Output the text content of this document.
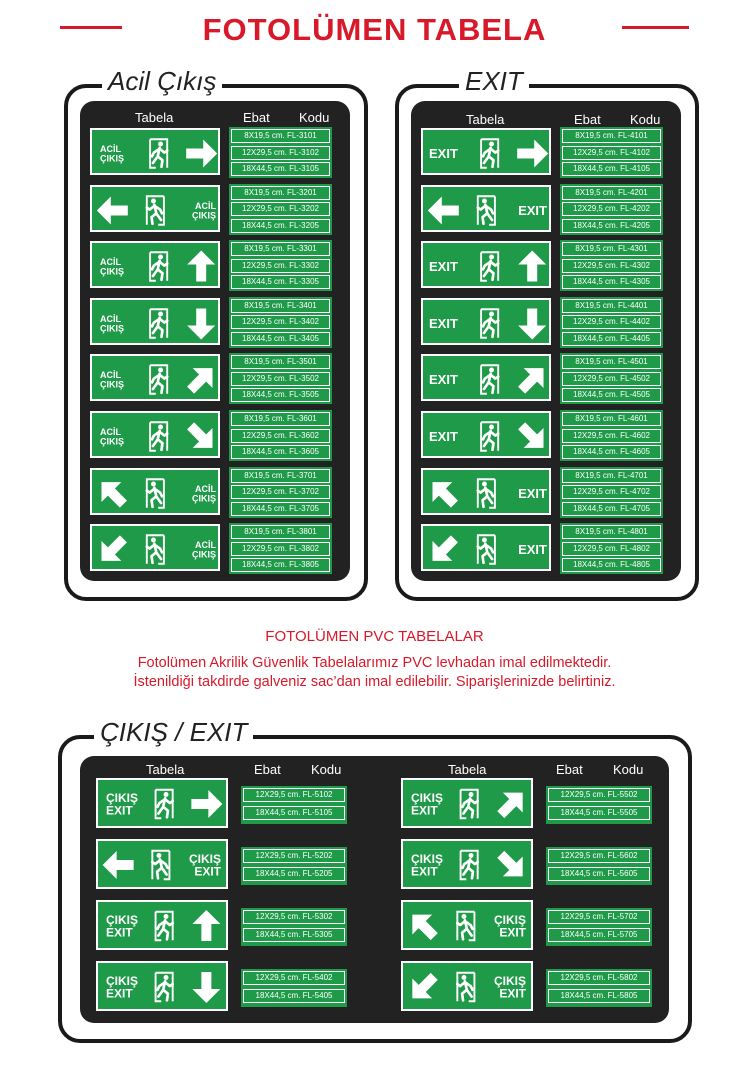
FOTOLÜMEN TABELA
Acil Çıkış
Tabela	Ebat Kodu
ACİL
ÇIKIŞ
8X19,5 cm. FL-3101
12X29,5 cm. FL-3102
18X44,5 cm. FL-3105
ACİL
ÇIKIŞ
8X19,5 cm. FL-3201
12X29,5 cm. FL-3202
18X44,5 cm. FL-3205
ACİL
ÇIKIŞ
8X19,5 cm. FL-3301
12X29,5 cm. FL-3302
18X44,5 cm. FL-3305
ACİL
ÇIKIŞ
8X19,5 cm. FL-3401
12X29,5 cm. FL-3402
18X44,5 cm. FL-3405
ACİL
ÇIKIŞ
8X19,5 cm. FL-3501
12X29,5 cm. FL-3502
18X44,5 cm. FL-3505
ACİL
ÇIKIŞ
8X19,5 cm. FL-3601
12X29,5 cm. FL-3602
18X44,5 cm. FL-3605
ACİL
ÇIKIŞ
8X19,5 cm. FL-3701
12X29,5 cm. FL-3702
18X44,5 cm. FL-3705
ACİL
ÇIKIŞ
8X19,5 cm. FL-3801
12X29,5 cm. FL-3802
18X44,5 cm. FL-3805
EXIT
Tabela	Ebat Kodu
EXIT
8X19,5 cm. FL-4101
12X29,5 cm. FL-4102
18X44,5 cm. FL-4105
EXIT
8X19,5 cm. FL-4201
12X29,5 cm. FL-4202
18X44,5 cm. FL-4205
EXIT
8X19,5 cm. FL-4301
12X29,5 cm. FL-4302
18X44,5 cm. FL-4305
EXIT
8X19,5 cm. FL-4401
12X29,5 cm. FL-4402
18X44,5 cm. FL-4405
EXIT
8X19,5 cm. FL-4501
12X29,5 cm. FL-4502
18X44,5 cm. FL-4505
EXIT
8X19,5 cm. FL-4601
12X29,5 cm. FL-4602
18X44,5 cm. FL-4605
EXIT
8X19,5 cm. FL-4701
12X29,5 cm. FL-4702
18X44,5 cm. FL-4705
EXIT
8X19,5 cm. FL-4801
12X29,5 cm. FL-4802
18X44,5 cm. FL-4805
FOTOLÜMEN PVC TABELALAR
Fotolümen Akrilik Güvenlik Tabelalarımız PVC levhadan imal edilmektedir.
İstenildiği takdirde galveniz sac’dan imal edilebilir. Siparişlerinizde belirtiniz.
ÇIKIŞ / EXIT
Tabela	Ebat Kodu	Tabela	Ebat Kodu
ÇIKIŞ
EXIT
12X29,5 cm. FL-5102
18X44,5 cm. FL-5105
ÇIKIŞ
EXIT
12X29,5 cm. FL-5202
18X44,5 cm. FL-5205
ÇIKIŞ
EXIT
12X29,5 cm. FL-5302
18X44,5 cm. FL-5305
ÇIKIŞ
EXIT
12X29,5 cm. FL-5402
18X44,5 cm. FL-5405
ÇIKIŞ
EXIT
12X29,5 cm. FL-5502
18X44,5 cm. FL-5505
ÇIKIŞ
EXIT
12X29,5 cm. FL-5602
18X44,5 cm. FL-5605
ÇIKIŞ
EXIT
12X29,5 cm. FL-5702
18X44,5 cm. FL-5705
ÇIKIŞ
EXIT
12X29,5 cm. FL-5802
18X44,5 cm. FL-5805
